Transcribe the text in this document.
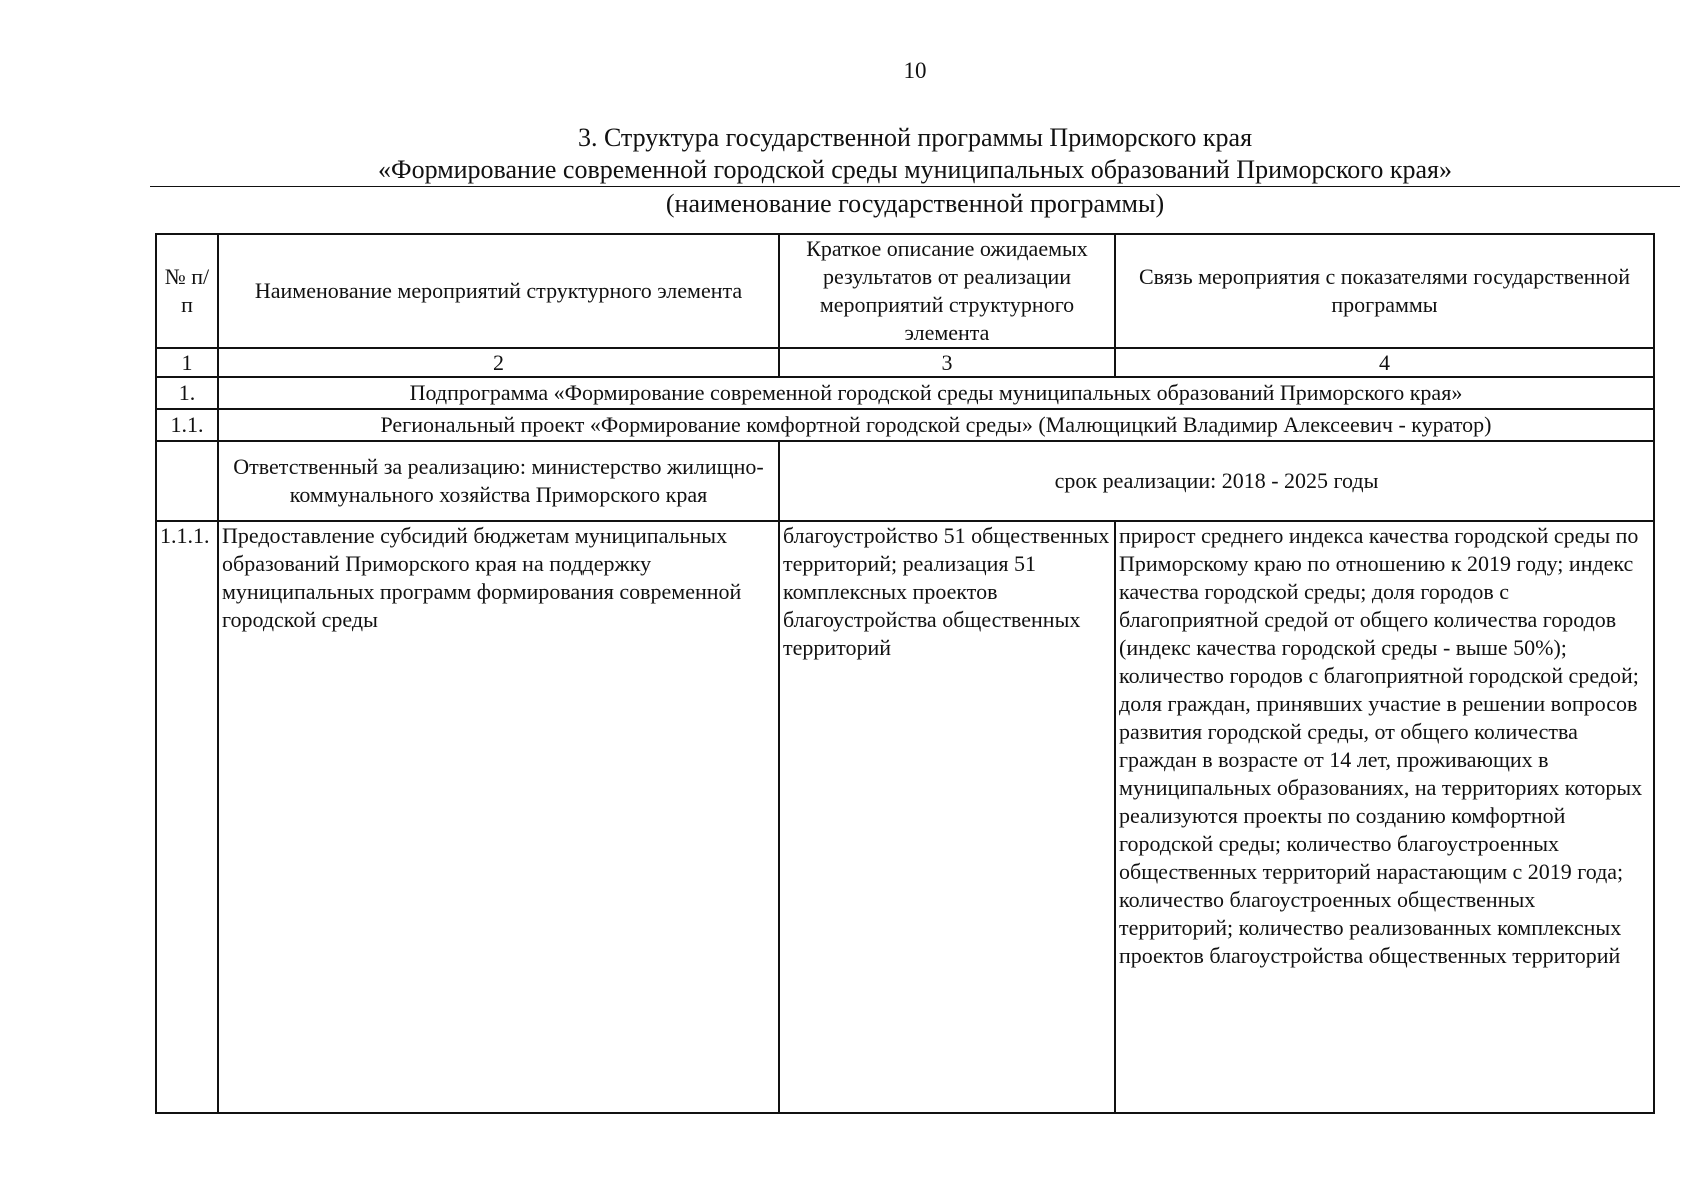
10
3. Структура государственной программы Приморского края
«Формирование современной городской среды муниципальных образований Приморского края»
(наименование государственной программы)
№ п/п	Наименование мероприятий структурного элемента	Краткое описание ожидаемых результатов от реализации мероприятий структурного элемента	Связь мероприятия с показателями государственной программы
1	2	3	4
1.	Подпрограмма «Формирование современной городской среды муниципальных образований Приморского края»		
1.1.	Региональный проект «Формирование комфортной городской среды» (Малющицкий Владимир Алексеевич - куратор)		
	Ответственный за реализацию: министерство жилищно-коммунального хозяйства Приморского края	срок реализации: 2018 - 2025 годы	
1.1.1.	Предоставление субсидий бюджетам муниципальных образований Приморского края на поддержку муниципальных программ формирования современной городской среды	благоустройство 51 общественных территорий; реализация 51 комплексных проектов благоустройства общественных территорий	прирост среднего индекса качества городской среды по Приморскому краю по отношению к 2019 году; индекс качества городской среды; доля городов с благоприятной средой от общего количества городов (индекс качества городской среды - выше 50%); количество городов с благоприятной городской средой; доля граждан, принявших участие в решении вопросов развития городской среды, от общего количества граждан в возрасте от 14 лет, проживающих в муниципальных образованиях, на территориях которых реализуются проекты по созданию комфортной городской среды; количество благоустроенных общественных территорий нарастающим с 2019 года; количество благоустроенных общественных территорий; количество реализованных комплексных проектов благоустройства общественных территорий
